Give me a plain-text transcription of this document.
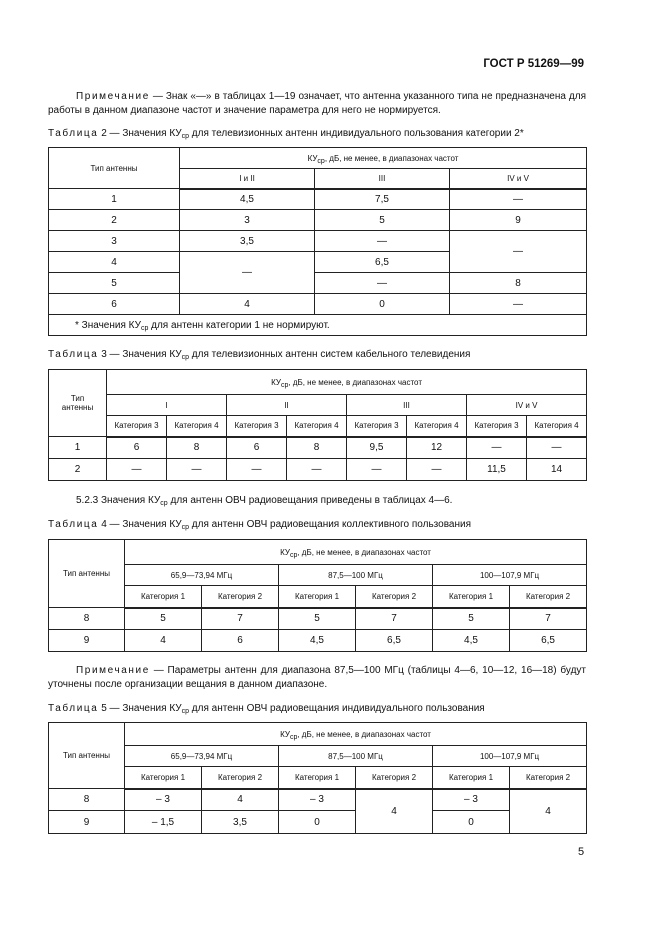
ГОСТ Р 51269—99
Примечание — Знак «—» в таблицах 1—19 означает, что антенна указанного типа не предназначена для работы в данном диапазоне частот и значение параметра для него не нормируется.
Таблица 2 — Значения $КУ_{ср}$ для телевизионных антенн индивидуального пользования категории 2*
Тип антенны	$КУ_{ср}$, дБ, не менее, в диапазонах частот		
	I и II	III	IV и V
1	4,5	7,5	—
2	3	5	9
3	3,5	—	—
4	—	6,5	
5		—	8
6	4	0	—
* Значения $КУ_{ср}$ для антенн категории 1 не нормируют.			
Таблица 3 — Значения $КУ_{ср}$ для телевизионных антенн систем кабельного телевидения
Тип
антенны	$КУ_{ср}$, дБ, не менее, в диапазонах частот							
	I		II		III		IV и V	
	Категория 3	Категория 4	Категория 3	Категория 4	Категория 3	Категория 4	Категория 3	Категория 4
1	6	8	6	8	9,5	12	—	—
2	—	—	—	—	—	—	11,5	14
5.2.3 Значения $КУ_{ср}$ для антенн ОВЧ радиовещания приведены в таблицах 4—6.
Таблица 4 — Значения $КУ_{ср}$ для антенн ОВЧ радиовещания коллективного пользования
Тип антенны	$КУ_{ср}$, дБ, не менее, в диапазонах частот					
	65,9—73,94 МГц		87,5—100 МГц		100—107,9 МГц	
	Категория 1	Категория 2	Категория 1	Категория 2	Категория 1	Категория 2
8	5	7	5	7	5	7
9	4	6	4,5	6,5	4,5	6,5
Примечание — Параметры антенн для диапазона 87,5—100 МГц (таблицы 4—6, 10—12, 16—18) будут уточнены после организации вещания в данном диапазоне.
Таблица 5 — Значения $КУ_{ср}$ для антенн ОВЧ радиовещания индивидуального пользования
Тип антенны	$КУ_{ср}$, дБ, не менее, в диапазонах частот					
	65,9—73,94 МГц		87,5—100 МГц		100—107,9 МГц	
	Категория 1	Категория 2	Категория 1	Категория 2	Категория 1	Категория 2
8	– 3	4	– 3	4	– 3	4
9	– 1,5	3,5	0		0	
5
